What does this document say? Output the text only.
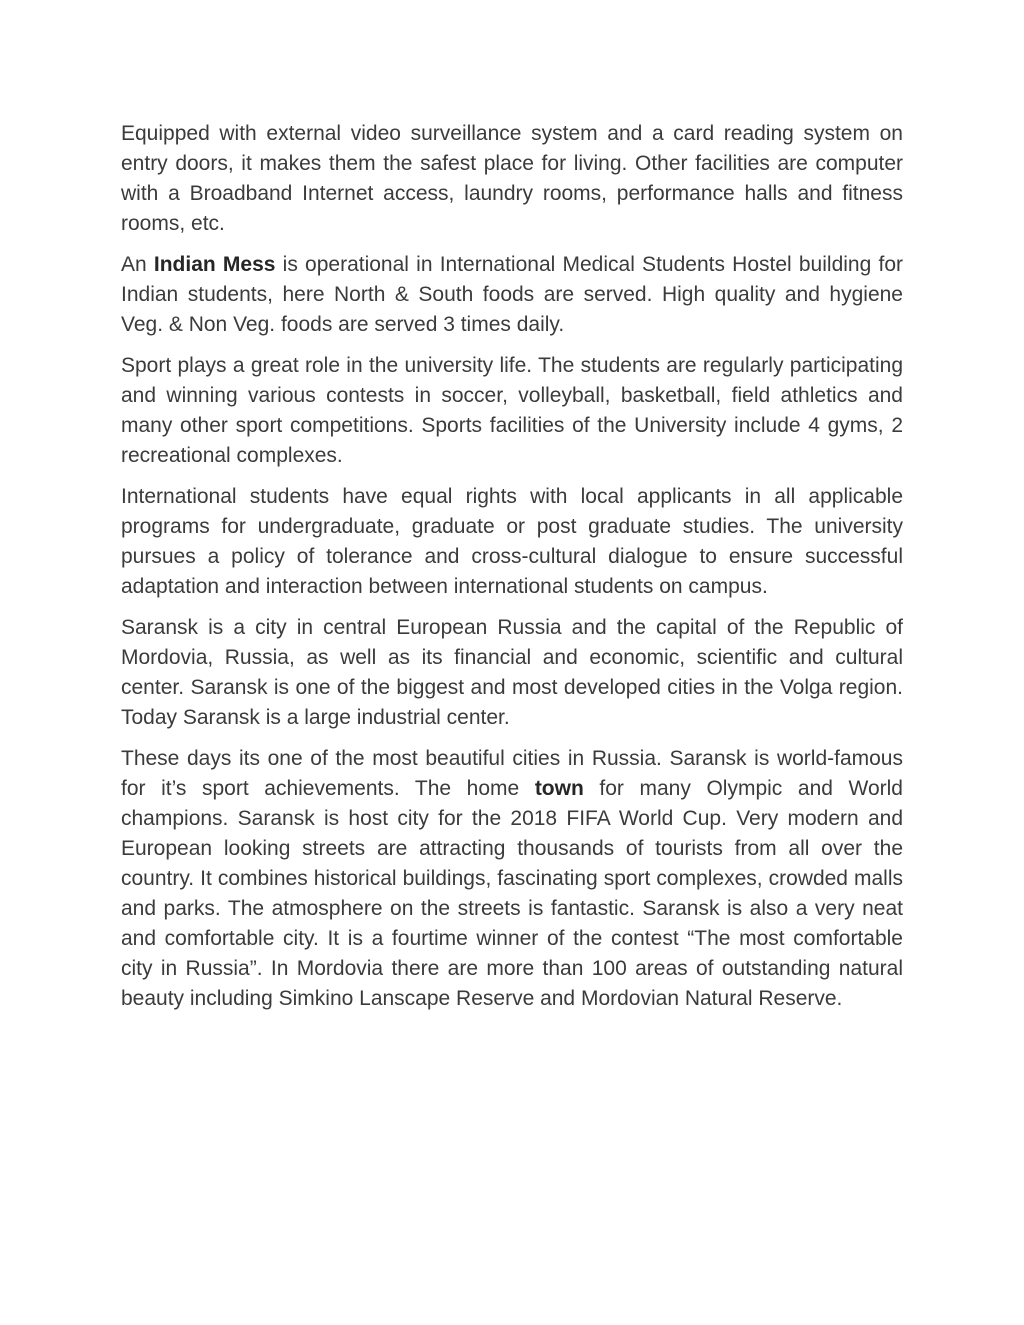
Equipped with external video surveillance system and a card reading system on entry doors, it makes them the safest place for living. Other facilities are computer with a Broadband Internet access, laundry rooms, performance halls and fitness rooms, etc.

An Indian Mess is operational in International Medical Students Hostel building for Indian students, here North & South foods are served. High quality and hygiene Veg. & Non Veg. foods are served 3 times daily.

Sport plays a great role in the university life. The students are regularly participating and winning various contests in soccer, volleyball, basketball, field athletics and many other sport competitions. Sports facilities of the University include 4 gyms, 2 recreational complexes.

International students have equal rights with local applicants in all applicable programs for undergraduate, graduate or post graduate studies. The university pursues a policy of tolerance and cross-cultural dialogue to ensure successful adaptation and interaction between international students on campus.

Saransk is a city in central European Russia and the capital of the Republic of Mordovia, Russia, as well as its financial and economic, scientific and cultural center. Saransk is one of the biggest and most developed cities in the Volga region. Today Saransk is a large industrial center.

These days its one of the most beautiful cities in Russia. Saransk is world-famous for it’s sport achievements. The home town for many Olympic and World champions. Saransk is host city for the 2018 FIFA World Cup. Very modern and European looking streets are attracting thousands of tourists from all over the country. It combines historical buildings, fascinating sport complexes, crowded malls and parks. The atmosphere on the streets is fantastic. Saransk is also a very neat and comfortable city. It is a fourtime winner of the contest “The most comfortable city in Russia”. In Mordovia there are more than 100 areas of outstanding natural beauty including Simkino Lanscape Reserve and Mordovian Natural Reserve.
